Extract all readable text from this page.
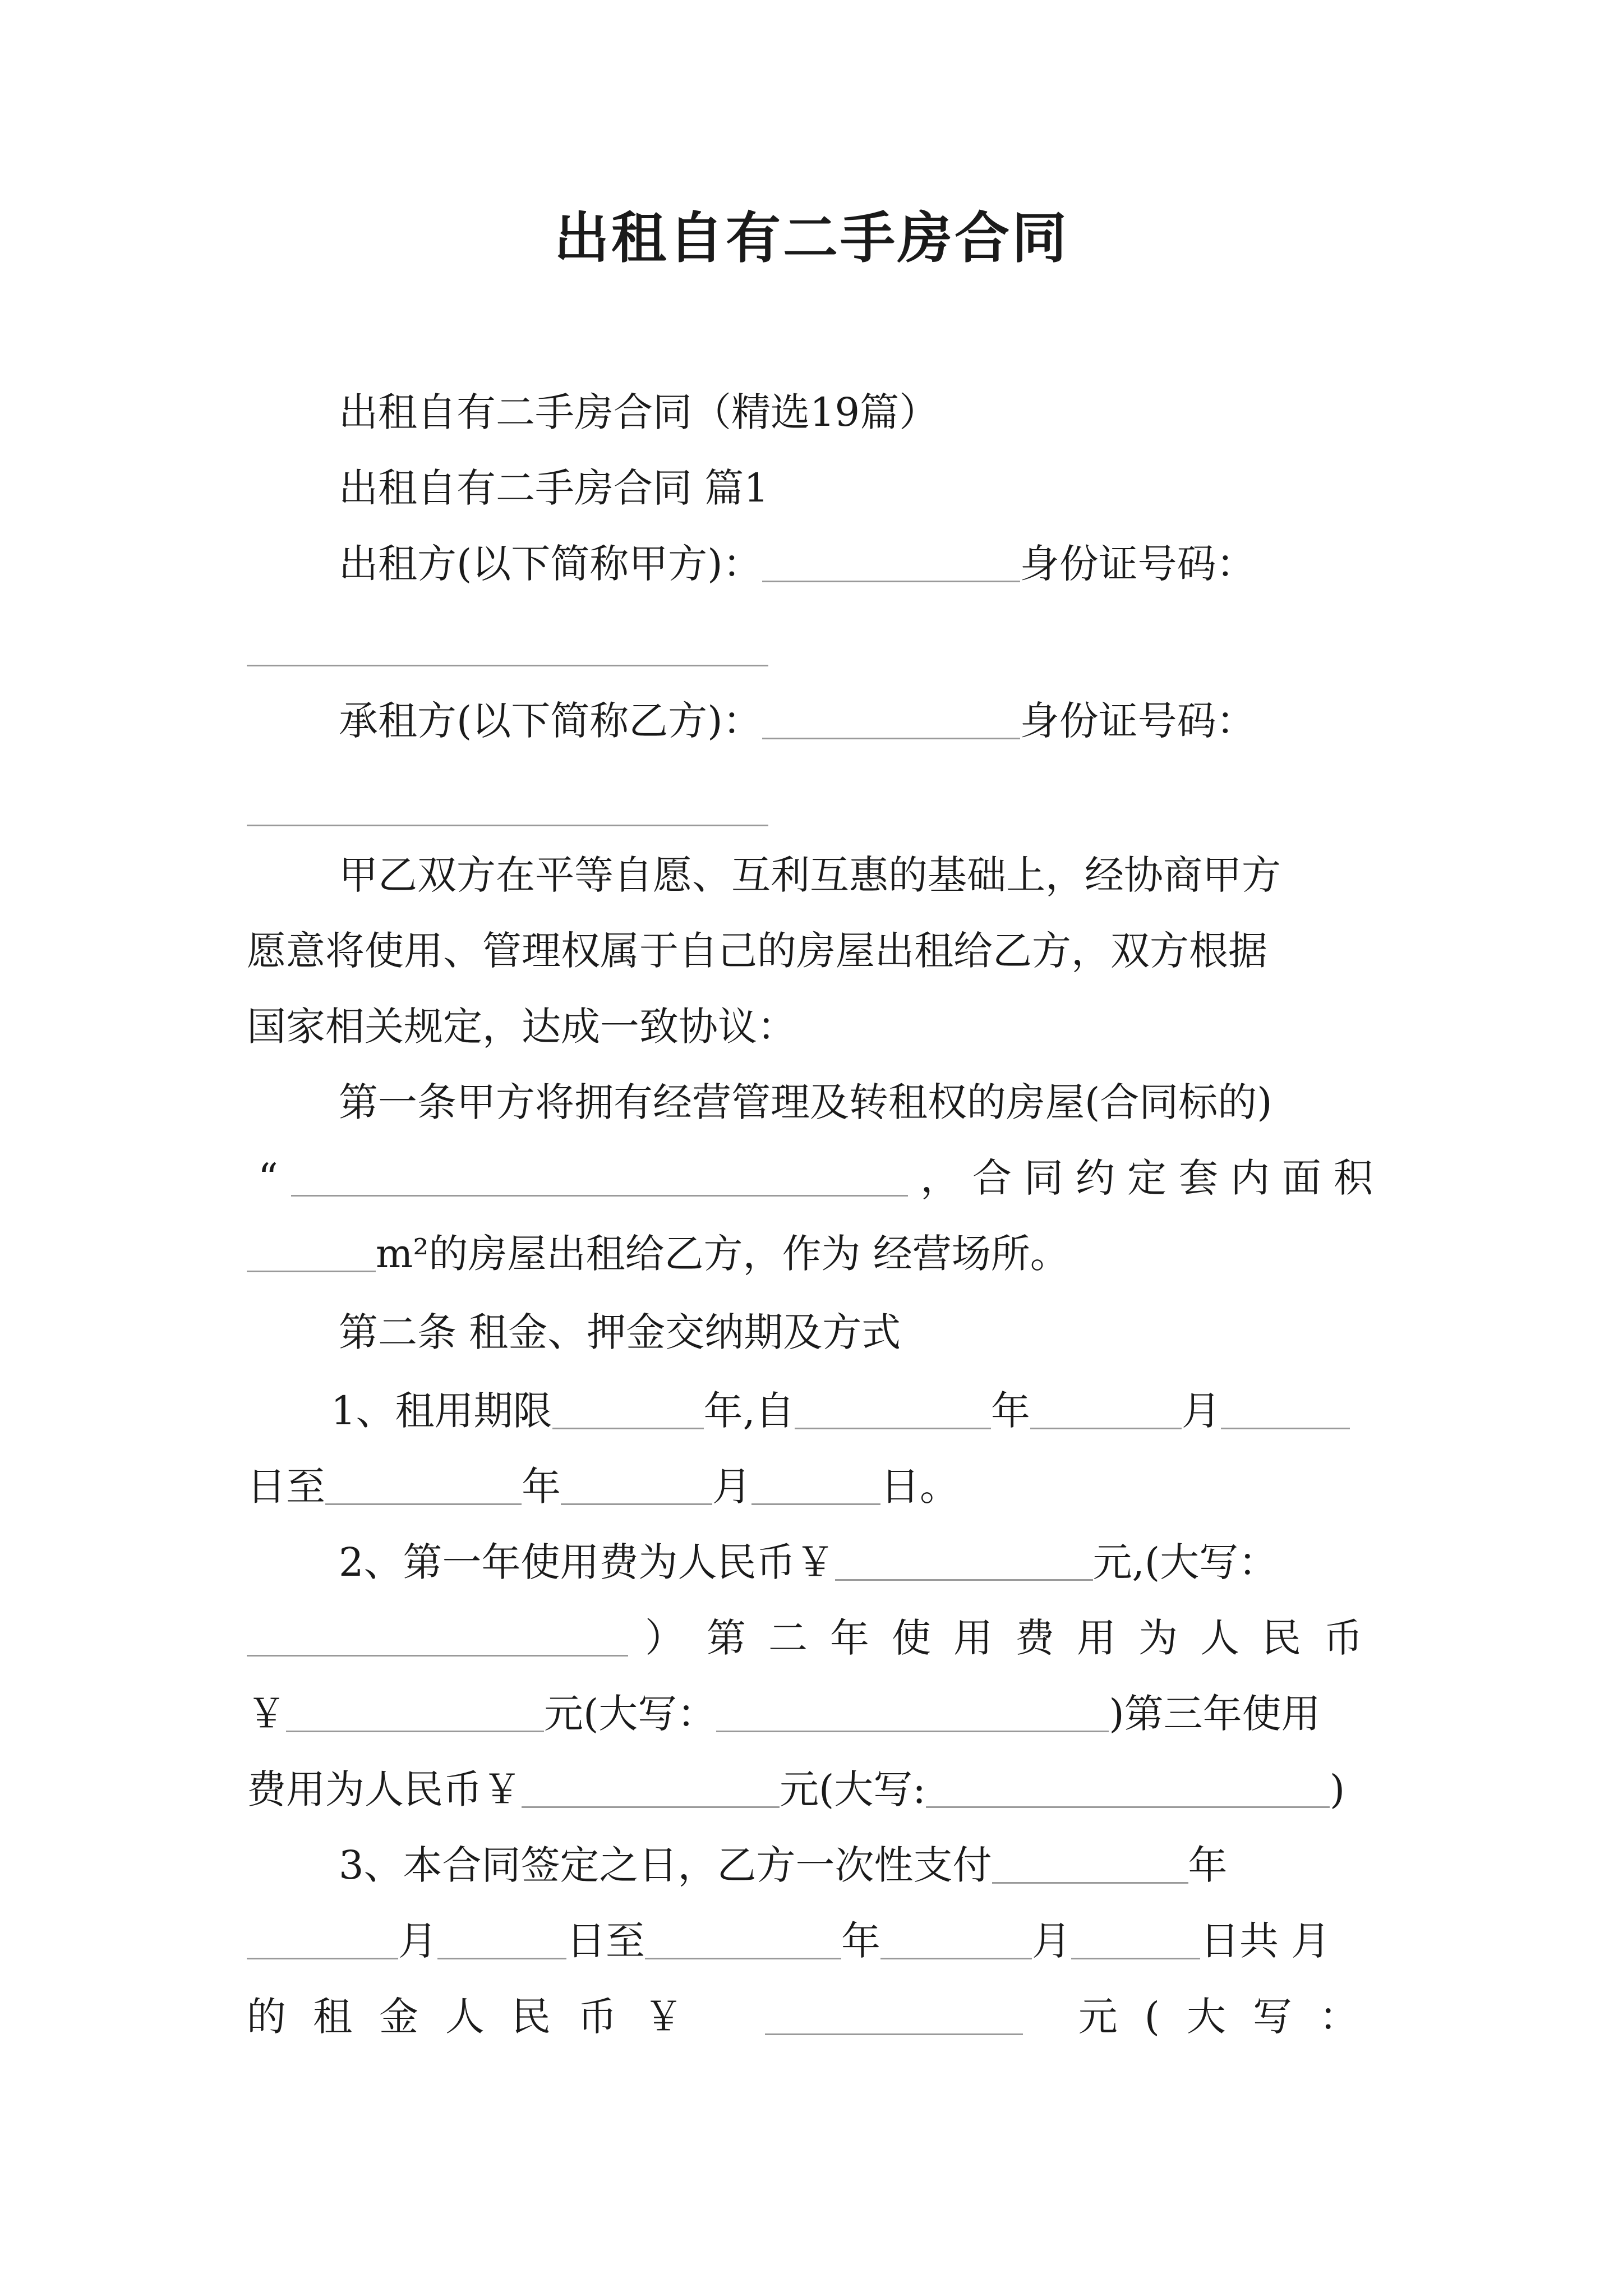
出租自有二手房合同
出租自有二手房合同（精选19篇）
出租自有二手房合同 篇1
出租方(以下简称甲方)：	身份证号码：
承租方(以下简称乙方)：	身份证号码：
甲乙双方在平等自愿、互利互惠的基础上，经协商甲方
愿意将使用、管理权属于自己的房屋出租给乙方，双方根据
国家相关规定，达成一致协议：
第一条甲方将拥有经营管理及转租权的房屋(合同标的)
“	， 合同约定套内面积
m²的房屋出租给乙方，作为 经营场所。
第二条 租金、押金交纳期及方式
1、租用期限	年, 自	年	月
日至	年	月	日。
2、第一年使用费为人民币￥	元, (大写：
）第二年使用费用为人民币
￥	元(大写：	)第三年使用
费用为人民币￥	元(大写:	)
3、本合同签定之日，乙方一次性支付	年
月	日至	年	月	日共 月
的租金人民币￥	元(大写：
